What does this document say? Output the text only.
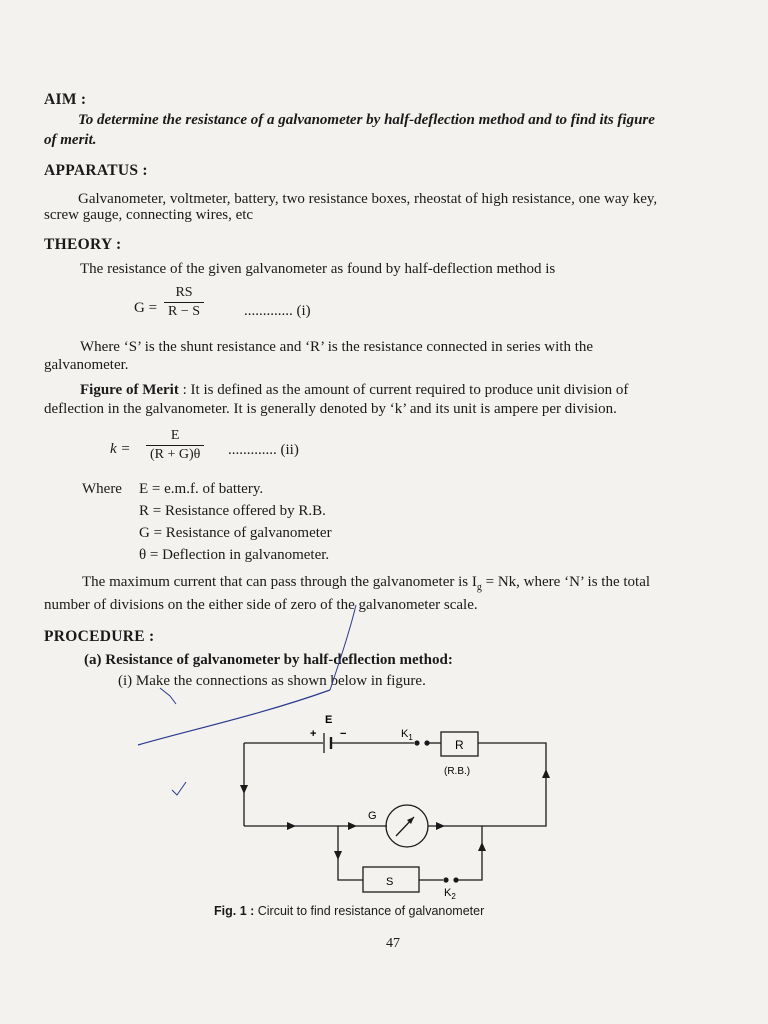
AIM :
To determine the resistance of a galvanometer by half-deflection method and to find its figure
of merit.
APPARATUS :
Galvanometer, voltmeter, battery, two resistance boxes, rheostat of high resistance, one way key,
screw gauge, connecting wires, etc
THEORY :
The resistance of the given galvanometer as found by half-deflection method is
$G = \frac{RS}{R - S}$	............. (i)
Where ‘S’ is the shunt resistance and ‘R’ is the resistance connected in series with the
galvanometer.
Figure of Merit : It is defined as the amount of current required to produce unit division of
deflection in the galvanometer. It is generally denoted by ‘k’ and its unit is ampere per division.
$k = \frac{E}{(R + G)\theta}$ ............. (ii)
Where E = e.m.f. of battery.
R = Resistance offered by R.B.
G = Resistance of galvanometer
θ = Deflection in galvanometer.
The maximum current that can pass through the galvanometer is $I_g = Nk$, where ‘N’ is the total
number of divisions on the either side of zero of the galvanometer scale.
PROCEDURE :
(a) Resistance of galvanometer by half-deflection method:
(i) Make the connections as shown below in figure.
E
+ −	$K_1$
R
(R.B.)
G
S
$K_2$
Fig. 1 : Circuit to find resistance of galvanometer
47
